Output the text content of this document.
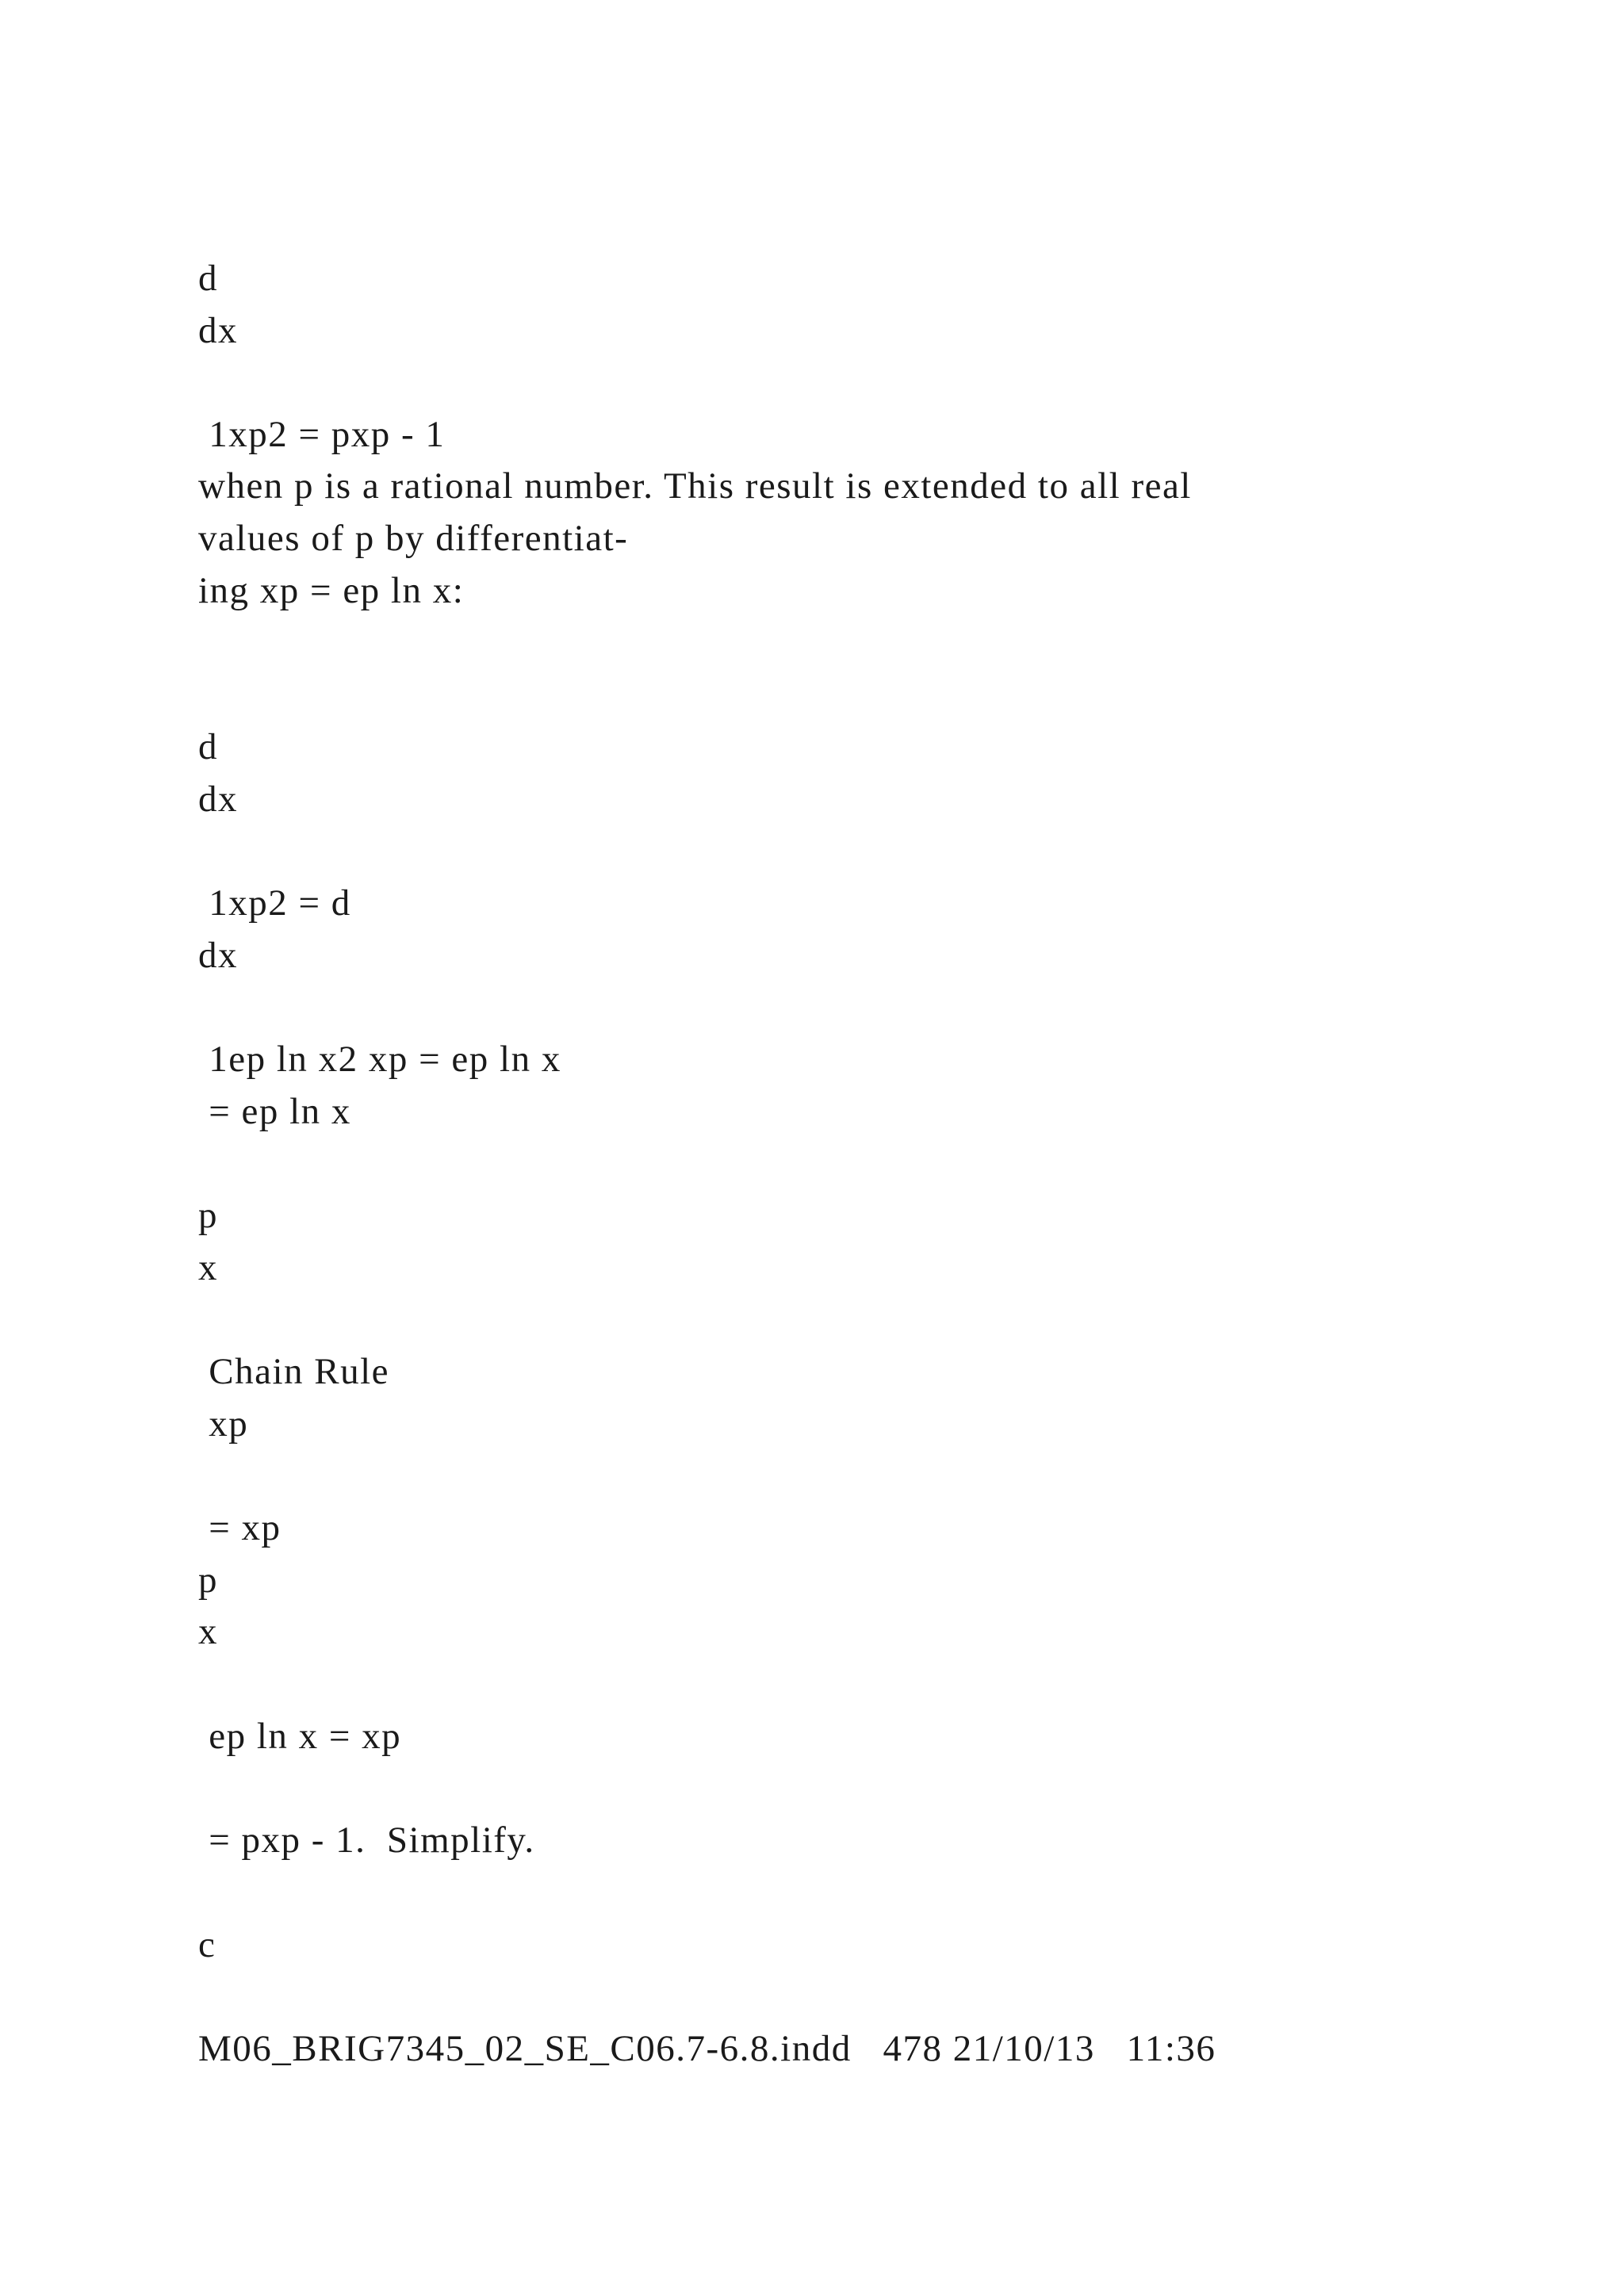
d

dx

1xp2 = pxp - 1

when p is a rational number. This result is extended to all real

values of p by differentiat-

ing xp = ep ln x:

d

dx

1xp2 = d

dx

1ep ln x2 xp = ep ln x

= ep ln x

p

x

Chain Rule

xp

= xp

p

x

ep ln x = xp

= pxp - 1.  Simplify.

c

M06_BRIG7345_02_SE_C06.7-6.8.indd   478 21/10/13   11:36
